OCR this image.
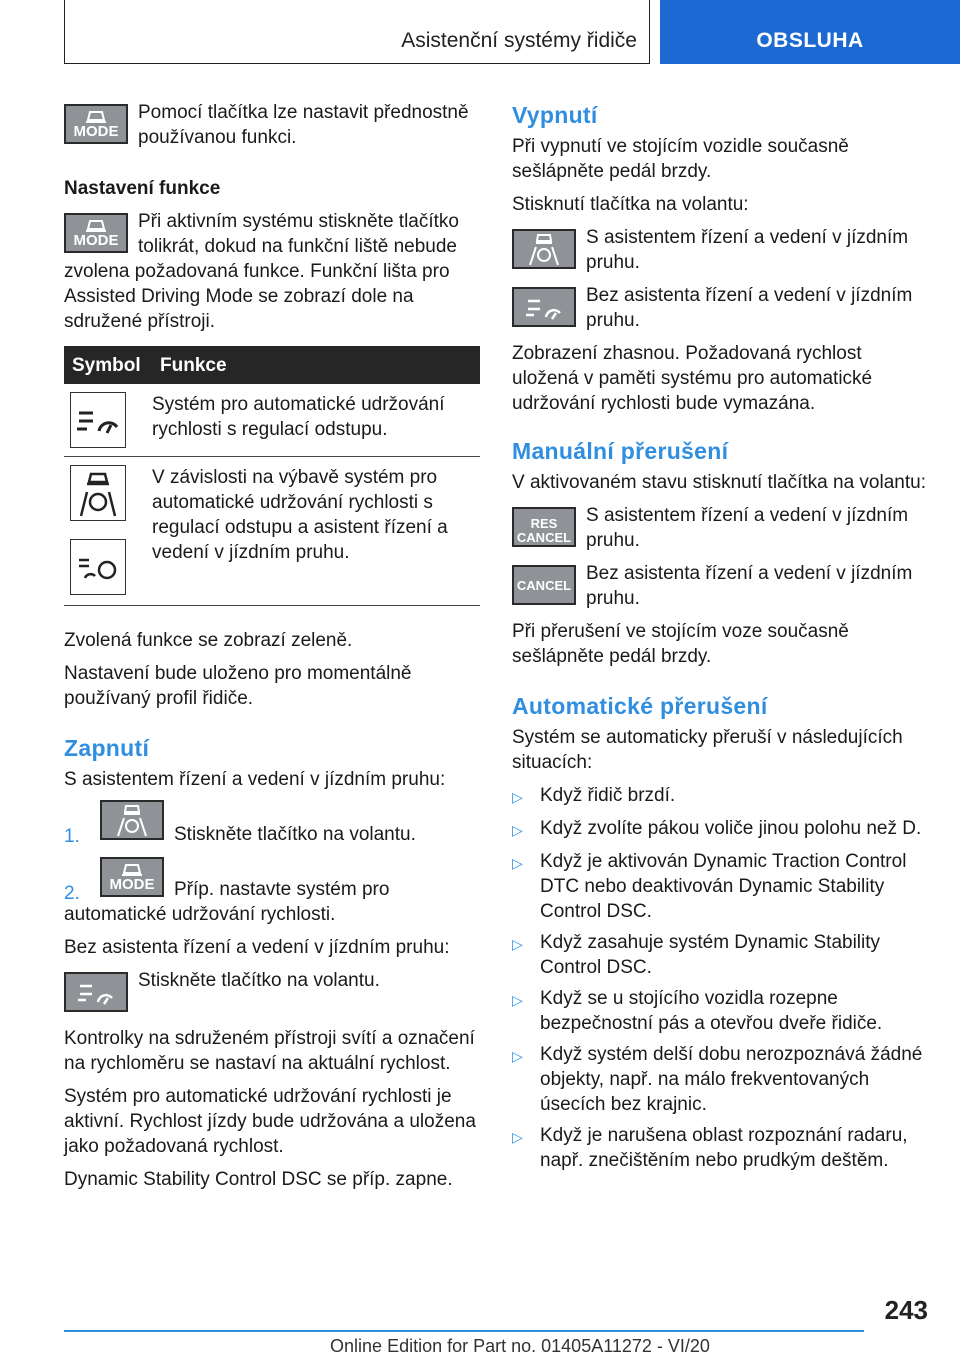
Asistenční systémy řidiče	OBSLUHA
MODE
Pomocí tlačítka lze nastavit přednostně používanou funkci.
Nastavení funkce
MODE
Při aktivním systému stiskněte tlačítko tolikrát, dokud na funkční liště nebude zvolena požadovaná funkce. Funkční lišta pro Assisted Driving Mode se zobrazí dole na sdružené přístroji.
Symbol	Funkce

	Systém pro automatické udržování rychlosti s regulací odstupu.

	V závislosti na výbavě systém pro automatické udržování rychlosti s regulací odstupu a asistent řízení a vedení v jízdním pruhu.

Zvolená funkce se zobrazí zeleně.

Nastavení bude uloženo pro momentálně používaný profil řidiče.

Zapnutí

S asistentem řízení a vedení v jízdním pruhu:

1.	Stiskněte tlačítko na volantu.
2.	MODE	Příp. nastavte systém pro automatické udržování rychlosti.

Bez asistenta řízení a vedení v jízdním pruhu:

Stiskněte tlačítko na volantu.

Kontrolky na sdruženém přístroji svítí a označení na rychloměru se nastaví na aktuální rychlost.

Systém pro automatické udržování rychlosti je aktivní. Rychlost jízdy bude udržována a uložena jako požadovaná rychlost.

Dynamic Stability Control DSC se příp. zapne.

Vypnutí

Při vypnutí ve stojícím vozidle současně sešlápněte pedál brzdy.

Stisknutí tlačítka na volantu:

S asistentem řízení a vedení v jízdním pruhu.
Bez asistenta řízení a vedení v jízdním pruhu.

Zobrazení zhasnou. Požadovaná rychlost uložená v paměti systému pro automatické udržování rychlosti bude vymazána.

Manuální přerušení

V aktivovaném stavu stisknutí tlačítka na volantu:

RES
CANCEL
S asistentem řízení a vedení v jízdním pruhu.
CANCEL
Bez asistenta řízení a vedení v jízdním pruhu.

Při přerušení ve stojícím voze současně sešlápněte pedál brzdy.

Automatické přerušení

Systém se automaticky přeruší v následujících situacích:

▷ Když řidič brzdí.
▷ Když zvolíte pákou voliče jinou polohu než D.
▷ Když je aktivován Dynamic Traction Control DTC nebo deaktivován Dynamic Stability Control DSC.
▷ Když zasahuje systém Dynamic Stability Control DSC.
▷ Když se u stojícího vozidla rozepne bezpečnostní pás a otevřou dveře řidiče.
▷ Když systém delší dobu nerozpoznává žádné objekty, např. na málo frekventovaných úsecích bez krajnic.
▷ Když je narušena oblast rozpoznání radaru, např. znečištěním nebo prudkým deštěm.
243
Online Edition for Part no. 01405A11272 - VI/20
